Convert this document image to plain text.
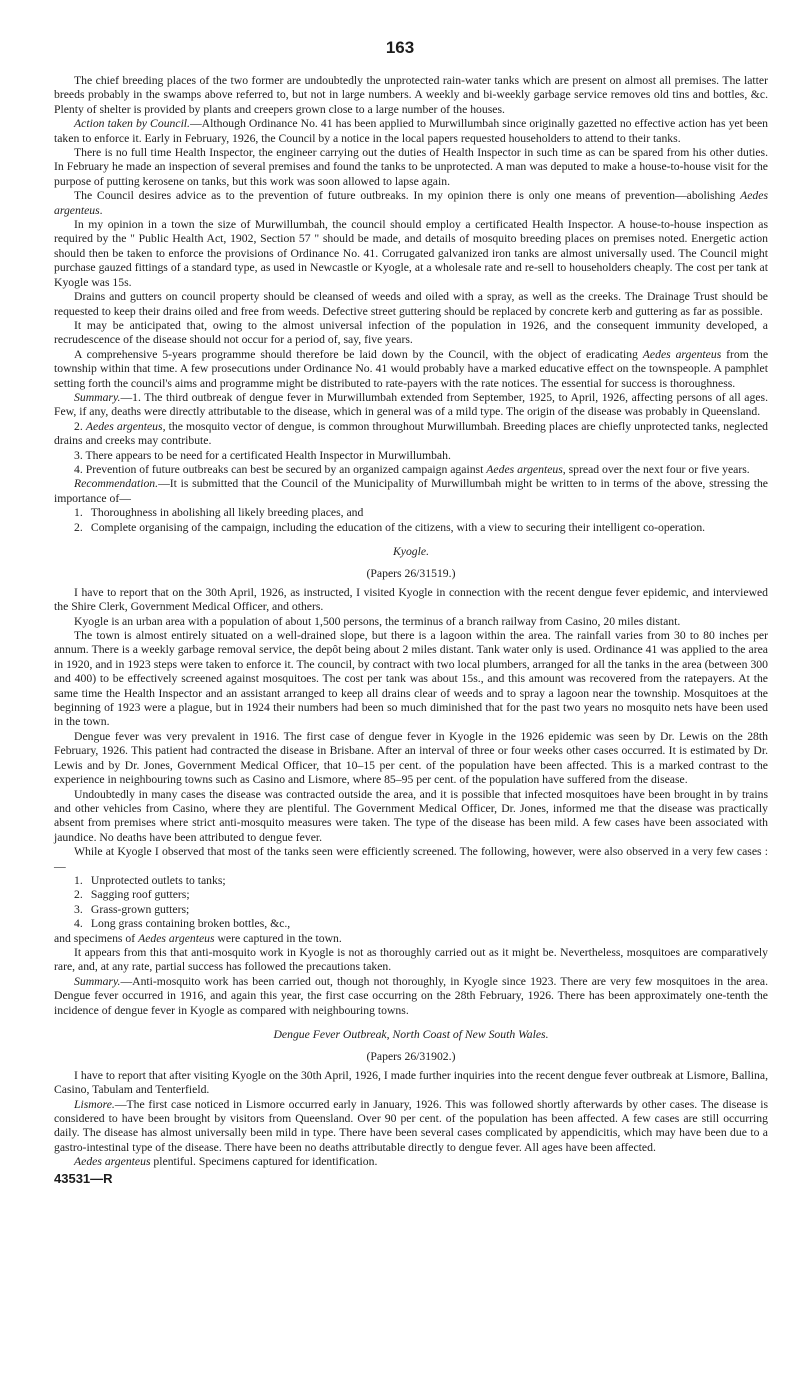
163

The chief breeding places of the two former are undoubtedly the unprotected rain-water tanks which are present on almost all premises. The latter breeds probably in the swamps above referred to, but not in large numbers. A weekly and bi-weekly garbage service removes old tins and bottles, &c. Plenty of shelter is provided by plants and creepers grown close to a large number of the houses.

Action taken by Council.—Although Ordinance No. 41 has been applied to Murwillumbah since originally gazetted no effective action has yet been taken to enforce it. Early in February, 1926, the Council by a notice in the local papers requested householders to attend to their tanks.

There is no full time Health Inspector, the engineer carrying out the duties of Health Inspector in such time as can be spared from his other duties. In February he made an inspection of several premises and found the tanks to be unprotected. A man was deputed to make a house-to-house visit for the purpose of putting kerosene on tanks, but this work was soon allowed to lapse again.

The Council desires advice as to the prevention of future outbreaks. In my opinion there is only one means of prevention—abolishing Aedes argenteus.

In my opinion in a town the size of Murwillumbah, the council should employ a certificated Health Inspector. A house-to-house inspection as required by the " Public Health Act, 1902, Section 57 " should be made, and details of mosquito breeding places on premises noted. Energetic action should then be taken to enforce the provisions of Ordinance No. 41. Corrugated galvanized iron tanks are almost universally used. The Council might purchase gauzed fittings of a standard type, as used in Newcastle or Kyogle, at a wholesale rate and re-sell to householders cheaply. The cost per tank at Kyogle was 15s.

Drains and gutters on council property should be cleansed of weeds and oiled with a spray, as well as the creeks. The Drainage Trust should be requested to keep their drains oiled and free from weeds. Defective street guttering should be replaced by concrete kerb and guttering as far as possible.

It may be anticipated that, owing to the almost universal infection of the population in 1926, and the consequent immunity developed, a recrudescence of the disease should not occur for a period of, say, five years.

A comprehensive 5-years programme should therefore be laid down by the Council, with the object of eradicating Aedes argenteus from the township within that time. A few prosecutions under Ordinance No. 41 would probably have a marked educative effect on the townspeople. A pamphlet setting forth the council's aims and programme might be distributed to rate-payers with the rate notices. The essential for success is thoroughness.

Summary.—1. The third outbreak of dengue fever in Murwillumbah extended from September, 1925, to April, 1926, affecting persons of all ages. Few, if any, deaths were directly attributable to the disease, which in general was of a mild type. The origin of the disease was probably in Queensland.

2. Aedes argenteus, the mosquito vector of dengue, is common throughout Murwillumbah. Breeding places are chiefly unprotected tanks, neglected drains and creeks may contribute.

3. There appears to be need for a certificated Health Inspector in Murwillumbah.

4. Prevention of future outbreaks can best be secured by an organized campaign against Aedes argenteus, spread over the next four or five years.

Recommendation.—It is submitted that the Council of the Municipality of Murwillumbah might be written to in terms of the above, stressing the importance of—

1. Thoroughness in abolishing all likely breeding places, and
2. Complete organising of the campaign, including the education of the citizens, with a view to securing their intelligent co-operation.
Kyogle.
(Papers 26/31519.)

I have to report that on the 30th April, 1926, as instructed, I visited Kyogle in connection with the recent dengue fever epidemic, and interviewed the Shire Clerk, Government Medical Officer, and others.

Kyogle is an urban area with a population of about 1,500 persons, the terminus of a branch railway from Casino, 20 miles distant.

The town is almost entirely situated on a well-drained slope, but there is a lagoon within the area. The rainfall varies from 30 to 80 inches per annum. There is a weekly garbage removal service, the depôt being about 2 miles distant. Tank water only is used. Ordinance 41 was applied to the area in 1920, and in 1923 steps were taken to enforce it. The council, by contract with two local plumbers, arranged for all the tanks in the area (between 300 and 400) to be effectively screened against mosquitoes. The cost per tank was about 15s., and this amount was recovered from the ratepayers. At the same time the Health Inspector and an assistant arranged to keep all drains clear of weeds and to spray a lagoon near the township. Mosquitoes at the beginning of 1923 were a plague, but in 1924 their numbers had been so much diminished that for the past two years no mosquito nets have been used in the town.

Dengue fever was very prevalent in 1916. The first case of dengue fever in Kyogle in the 1926 epidemic was seen by Dr. Lewis on the 28th February, 1926. This patient had contracted the disease in Brisbane. After an interval of three or four weeks other cases occurred. It is estimated by Dr. Lewis and by Dr. Jones, Government Medical Officer, that 10–15 per cent. of the population have been affected. This is a marked contrast to the experience in neighbouring towns such as Casino and Lismore, where 85–95 per cent. of the population have suffered from the disease.

Undoubtedly in many cases the disease was contracted outside the area, and it is possible that infected mosquitoes have been brought in by trains and other vehicles from Casino, where they are plentiful. The Government Medical Officer, Dr. Jones, informed me that the disease was practically absent from premises where strict anti-mosquito measures were taken. The type of the disease has been mild. A few cases have been associated with jaundice. No deaths have been attributed to dengue fever.

While at Kyogle I observed that most of the tanks seen were efficiently screened. The following, however, were also observed in a very few cases :—

1. Unprotected outlets to tanks;
2. Sagging roof gutters;
3. Grass-grown gutters;
4. Long grass containing broken bottles, &c.,

and specimens of Aedes argenteus were captured in the town.

It appears from this that anti-mosquito work in Kyogle is not as thoroughly carried out as it might be. Nevertheless, mosquitoes are comparatively rare, and, at any rate, partial success has followed the precautions taken.

Summary.—Anti-mosquito work has been carried out, though not thoroughly, in Kyogle since 1923. There are very few mosquitoes in the area. Dengue fever occurred in 1916, and again this year, the first case occurring on the 28th February, 1926. There has been approximately one-tenth the incidence of dengue fever in Kyogle as compared with neighbouring towns.

Dengue Fever Outbreak, North Coast of New South Wales.
(Papers 26/31902.)

I have to report that after visiting Kyogle on the 30th April, 1926, I made further inquiries into the recent dengue fever outbreak at Lismore, Ballina, Casino, Tabulam and Tenterfield.

Lismore.—The first case noticed in Lismore occurred early in January, 1926. This was followed shortly afterwards by other cases. The disease is considered to have been brought by visitors from Queensland. Over 90 per cent. of the population has been affected. A few cases are still occurring daily. The disease has almost universally been mild in type. There have been several cases complicated by appendicitis, which may have been due to a gastro-intestinal type of the disease. There have been no deaths attributable directly to dengue fever. All ages have been affected.

Aedes argenteus plentiful. Specimens captured for identification.

43531—R
